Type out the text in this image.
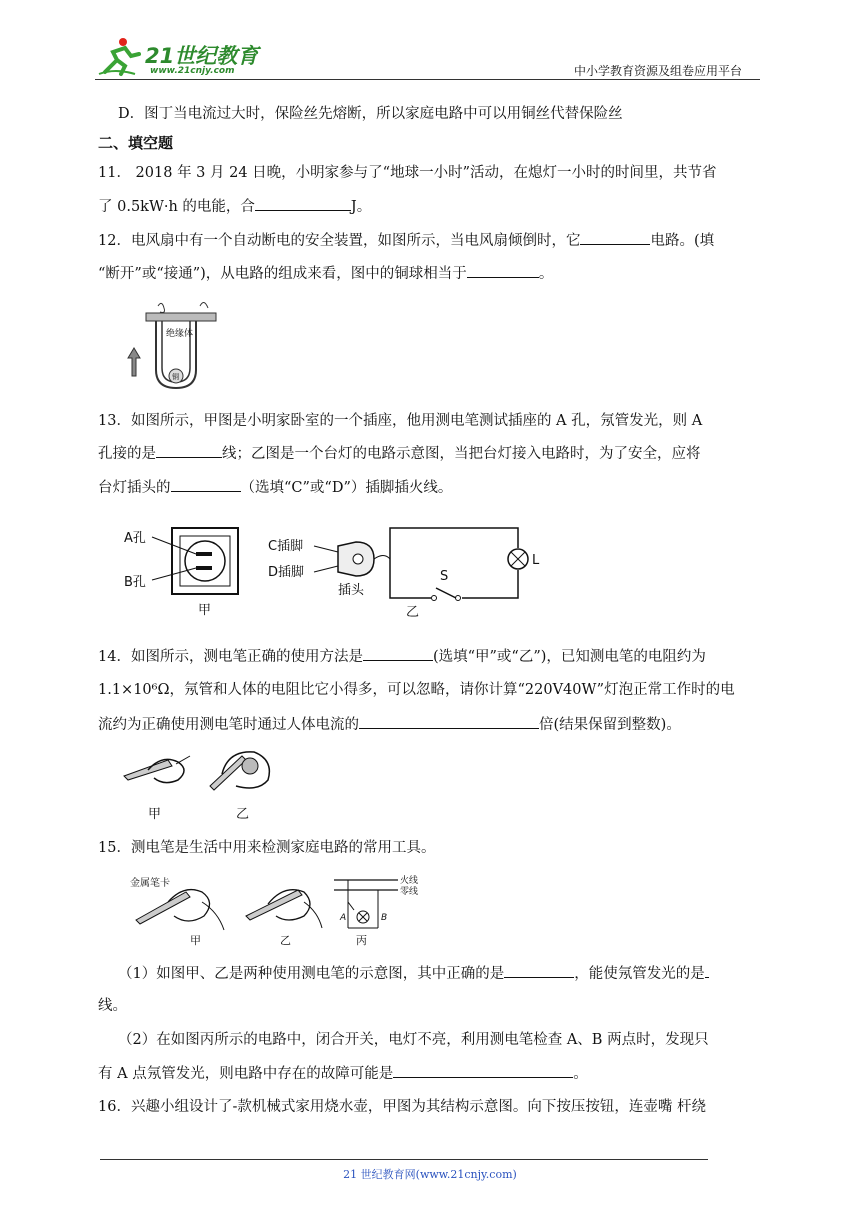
21世纪教育
www.21cnjy.com	中小学教育资源及组卷应用平台
D．图丁当电流过大时，保险丝先熔断，所以家庭电路中可以用铜丝代替保险丝
二、填空题
11． 2018 年 3 月 24 日晚，小明家参与了“地球一小时”活动，在熄灯一小时的时间里，共节省
了 0.5kW·h 的电能，合	J。
12．电风扇中有一个自动断电的安全装置，如图所示，当电风扇倾倒时，它	电路。(填
“断开”或“接通”)，从电路的组成来看，图中的铜球相当于	。
绝缘体
铜
13．如图所示，甲图是小明家卧室的一个插座，他用测电笔测试插座的 A 孔，氖管发光，则 A
孔接的是	线；乙图是一个台灯的电路示意图，当把台灯接入电路时，为了安全，应将
台灯插头的	（选填“C”或“D”）插脚插火线。
A孔
B孔
甲
C插脚
D插脚
插头
L
S
乙
14．如图所示，测电笔正确的使用方法是	(选填“甲”或“乙”)，已知测电笔的电阻约为
1.1×10⁶Ω，氖管和人体的电阻比它小得多，可以忽略，请你计算“220V40W”灯泡正常工作时的电
流约为正确使用测电笔时通过人体电流的	倍(结果保留到整数)。
甲	乙
15．测电笔是生活中用来检测家庭电路的常用工具。
金属笔卡
甲	乙
火线
零线
A	B
丙
（1）如图甲、乙是两种使用测电笔的示意图，其中正确的是	，能使氖管发光的是
线。
（2）在如图丙所示的电路中，闭合开关，电灯不亮，利用测电笔检查 A、B 两点时，发现只
有 A 点氖管发光，则电路中存在的故障可能是	。
16．兴趣小组设计了-款机械式家用烧水壶，甲图为其结构示意图。向下按压按钮，连壶嘴 杆绕
21 世纪教育网(www.21cnjy.com)
